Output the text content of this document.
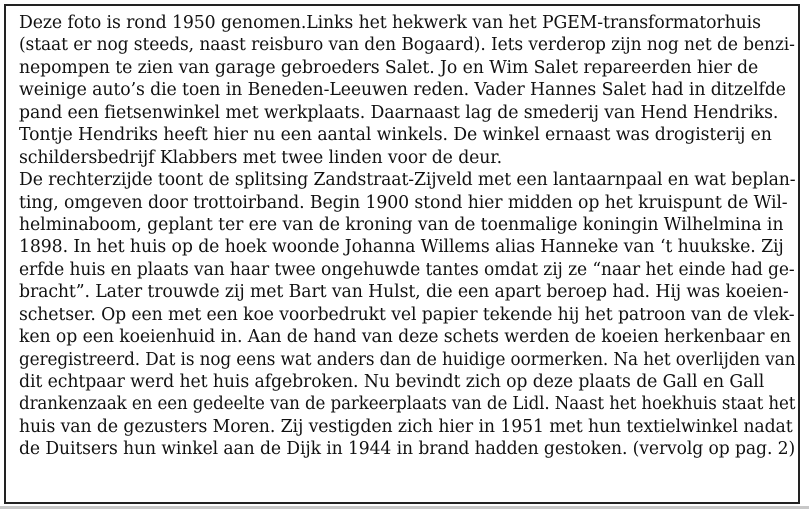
Deze foto is rond 1950 genomen.Links het hekwerk van het PGEM-transformatorhuis
(staat er nog steeds, naast reisburo van den Bogaard). Iets verderop zijn nog net de benzi-
nepompen te zien van garage gebroeders Salet. Jo en Wim Salet repareerden hier de
weinige auto’s die toen in Beneden-Leeuwen reden. Vader Hannes Salet had in ditzelfde
pand een fietsenwinkel met werkplaats. Daarnaast lag de smederij van Hend Hendriks.
Tontje Hendriks heeft hier nu een aantal winkels. De winkel ernaast was drogisterij en
schildersbedrijf Klabbers met twee linden voor de deur.
De rechterzijde toont de splitsing Zandstraat-Zijveld met een lantaarnpaal en wat beplan-
ting, omgeven door trottoirband. Begin 1900 stond hier midden op het kruispunt de Wil-
helminaboom, geplant ter ere van de kroning van de toenmalige koningin Wilhelmina in
1898. In het huis op de hoek woonde Johanna Willems alias Hanneke van ‘t huukske. Zij
erfde huis en plaats van haar twee ongehuwde tantes omdat zij ze “naar het einde had ge-
bracht”. Later trouwde zij met Bart van Hulst, die een apart beroep had. Hij was koeien-
schetser. Op een met een koe voorbedrukt vel papier tekende hij het patroon van de vlek-
ken op een koeienhuid in. Aan de hand van deze schets werden de koeien herkenbaar en
geregistreerd. Dat is nog eens wat anders dan de huidige oormerken. Na het overlijden van
dit echtpaar werd het huis afgebroken. Nu bevindt zich op deze plaats de Gall en Gall
drankenzaak en een gedeelte van de parkeerplaats van de Lidl. Naast het hoekhuis staat het
huis van de gezusters Moren. Zij vestigden zich hier in 1951 met hun textielwinkel nadat
de Duitsers hun winkel aan de Dijk in 1944 in brand hadden gestoken. (vervolg op pag. 2)
